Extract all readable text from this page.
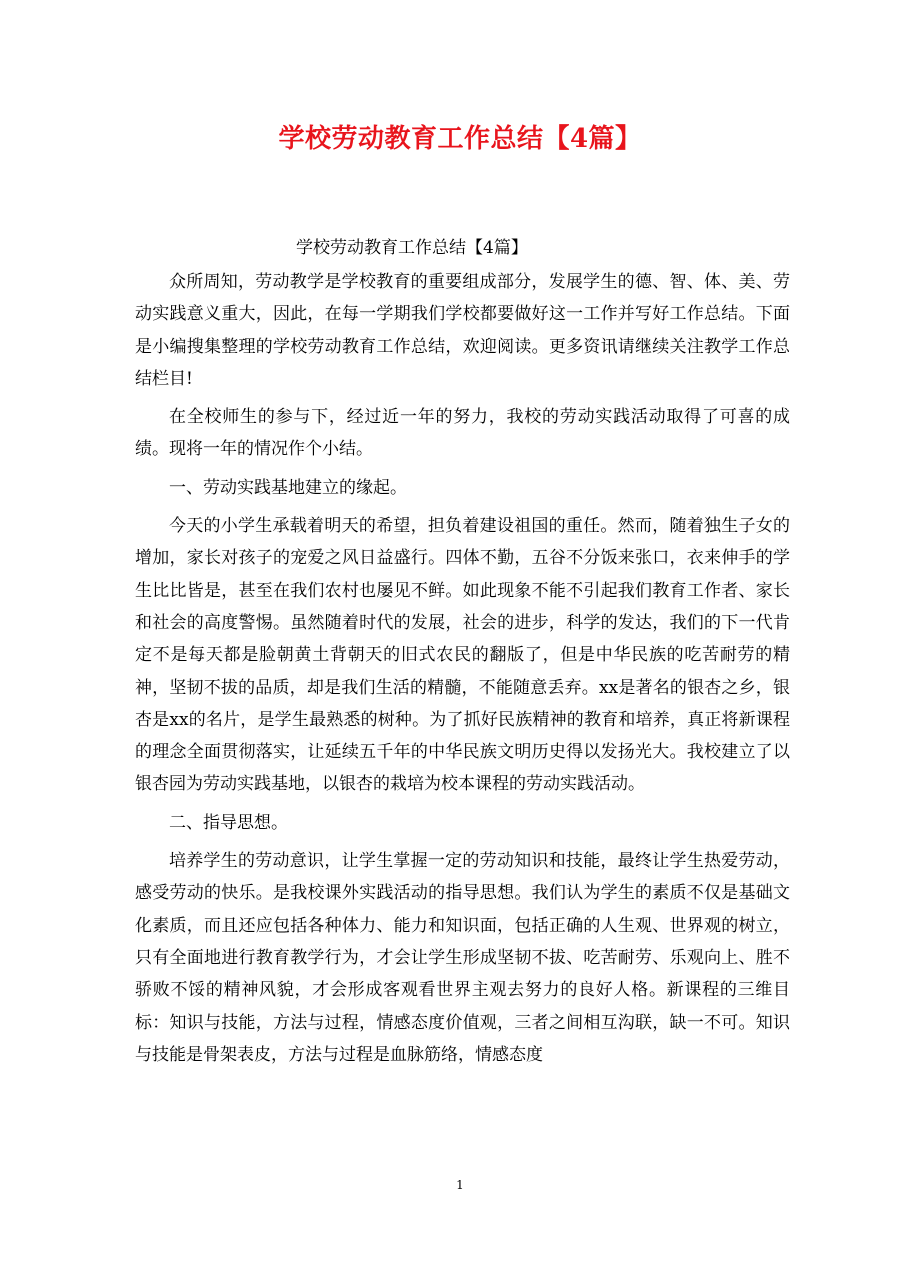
学校劳动教育工作总结【4篇】
学校劳动教育工作总结【4篇】

众所周知，劳动教学是学校教育的重要组成部分，发展学生的德、智、体、美、劳动实践意义重大，因此，在每一学期我们学校都要做好这一工作并写好工作总结。下面是小编搜集整理的学校劳动教育工作总结，欢迎阅读。更多资讯请继续关注教学工作总结栏目!

在全校师生的参与下，经过近一年的努力，我校的劳动实践活动取得了可喜的成绩。现将一年的情况作个小结。

一、劳动实践基地建立的缘起。

今天的小学生承载着明天的希望，担负着建设祖国的重任。然而，随着独生子女的增加，家长对孩子的宠爱之风日益盛行。四体不勤，五谷不分饭来张口，衣来伸手的学生比比皆是，甚至在我们农村也屡见不鲜。如此现象不能不引起我们教育工作者、家长和社会的高度警惕。虽然随着时代的发展，社会的进步，科学的发达，我们的下一代肯定不是每天都是脸朝黄土背朝天的旧式农民的翻版了，但是中华民族的吃苦耐劳的精神，坚韧不拔的品质，却是我们生活的精髓，不能随意丢弃。xx是著名的银杏之乡，银杏是xx的名片，是学生最熟悉的树种。为了抓好民族精神的教育和培养，真正将新课程的理念全面贯彻落实，让延续五千年的中华民族文明历史得以发扬光大。我校建立了以银杏园为劳动实践基地，以银杏的栽培为校本课程的劳动实践活动。

二、指导思想。

培养学生的劳动意识，让学生掌握一定的劳动知识和技能，最终让学生热爱劳动，感受劳动的快乐。是我校课外实践活动的指导思想。我们认为学生的素质不仅是基础文化素质，而且还应包括各种体力、能力和知识面，包括正确的人生观、世界观的树立，只有全面地进行教育教学行为，才会让学生形成坚韧不拔、吃苦耐劳、乐观向上、胜不骄败不馁的精神风貌，才会形成客观看世界主观去努力的良好人格。新课程的三维目标：知识与技能，方法与过程，情感态度价值观，三者之间相互沟联，缺一不可。知识与技能是骨架表皮，方法与过程是血脉筋络，情感态度

1
